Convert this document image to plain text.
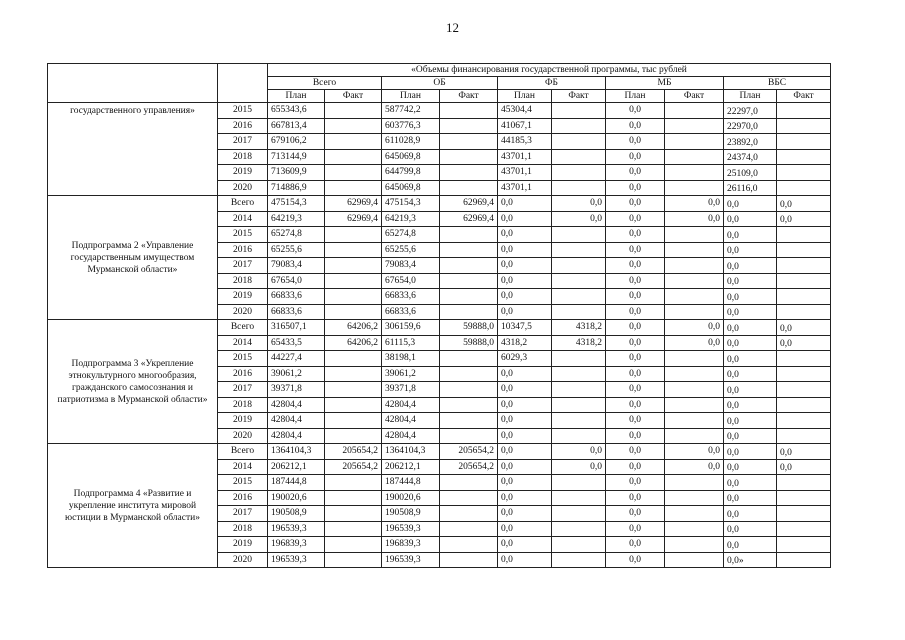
12
		«Объемы финансирования государственной программы, тыс рублей									
		Всего		ОБ		ФБ		МБ		ВБС	
		План	Факт	План	Факт	План	Факт	План	Факт	План	Факт
государственного управления»	2015	655343,6		587742,2		45304,4		0,0		22297,0	
	2016	667813,4		603776,3		41067,1		0,0		22970,0	
	2017	679106,2		611028,9		44185,3		0,0		23892,0	
	2018	713144,9		645069,8		43701,1		0,0		24374,0	
	2019	713609,9		644799,8		43701,1		0,0		25109,0	
	2020	714886,9		645069,8		43701,1		0,0		26116,0	
Подпрограмма 2 «Управление государственным имуществом Мурманской области»	Всего	475154,3	62969,4	475154,3	62969,4	0,0	0,0	0,0	0,0	0,0	0,0
	2014	64219,3	62969,4	64219,3	62969,4	0,0	0,0	0,0	0,0	0,0	0,0
	2015	65274,8		65274,8		0,0		0,0		0,0	
	2016	65255,6		65255,6		0,0		0,0		0,0	
	2017	79083,4		79083,4		0,0		0,0		0,0	
	2018	67654,0		67654,0		0,0		0,0		0,0	
	2019	66833,6		66833,6		0,0		0,0		0,0	
	2020	66833,6		66833,6		0,0		0,0		0,0	
Подпрограмма 3 «Укрепление этнокультурного многообразия, гражданского самосознания и патриотизма в Мурманской области»	Всего	316507,1	64206,2	306159,6	59888,0	10347,5	4318,2	0,0	0,0	0,0	0,0
	2014	65433,5	64206,2	61115,3	59888,0	4318,2	4318,2	0,0	0,0	0,0	0,0
	2015	44227,4		38198,1		6029,3		0,0		0,0	
	2016	39061,2		39061,2		0,0		0,0		0,0	
	2017	39371,8		39371,8		0,0		0,0		0,0	
	2018	42804,4		42804,4		0,0		0,0		0,0	
	2019	42804,4		42804,4		0,0		0,0		0,0	
	2020	42804,4		42804,4		0,0		0,0		0,0	
Подпрограмма 4 «Развитие и укрепление института мировой юстиции в Мурманской области»	Всего	1364104,3	205654,2	1364104,3	205654,2	0,0	0,0	0,0	0,0	0,0	0,0
	2014	206212,1	205654,2	206212,1	205654,2	0,0	0,0	0,0	0,0	0,0	0,0
	2015	187444,8		187444,8		0,0		0,0		0,0	
	2016	190020,6		190020,6		0,0		0,0		0,0	
	2017	190508,9		190508,9		0,0		0,0		0,0	
	2018	196539,3		196539,3		0,0		0,0		0,0	
	2019	196839,3		196839,3		0,0		0,0		0,0	
	2020	196539,3		196539,3		0,0		0,0		0,0»	
